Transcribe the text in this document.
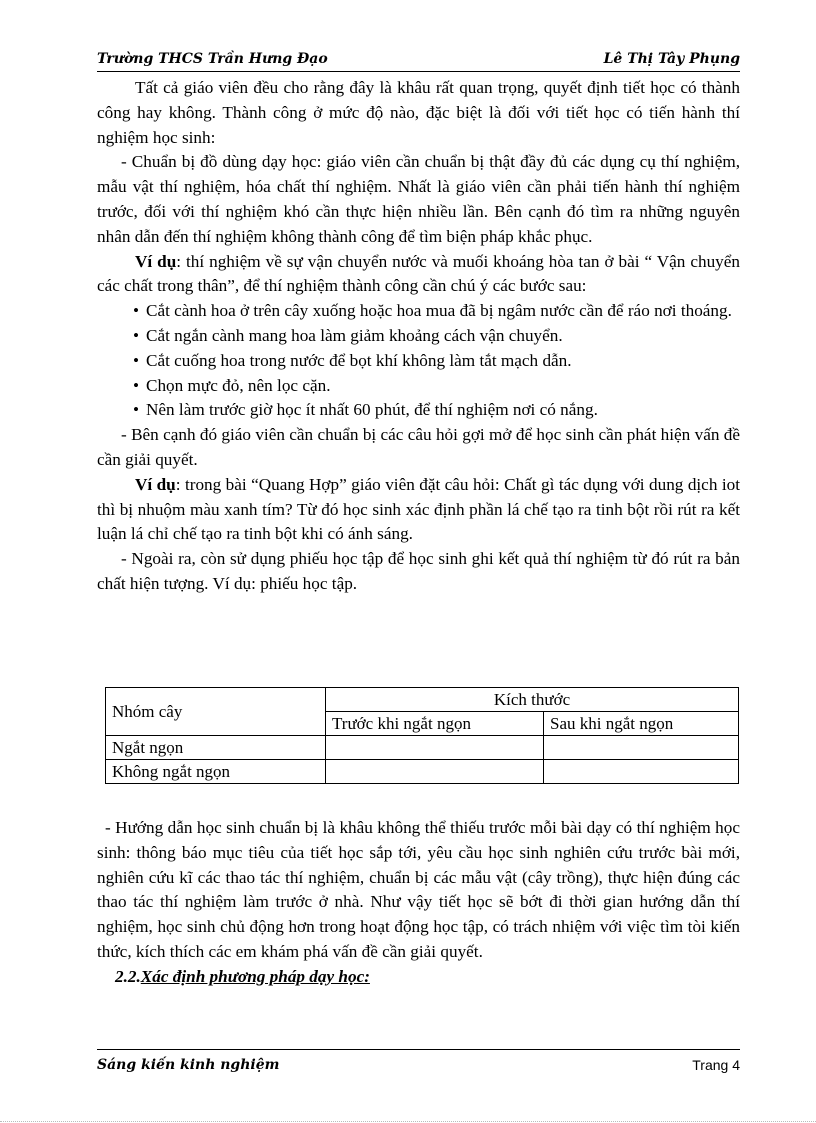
Trường THCS Trần Hưng Đạo	Lê Thị Tây Phụng

Tất cả giáo viên đều cho rằng đây là khâu rất quan trọng, quyết định tiết học có thành công hay không. Thành công ở mức độ nào, đặc biệt là đối với tiết học có tiến hành thí nghiệm học sinh:

- Chuẩn bị đồ dùng dạy học: giáo viên cần chuẩn bị thật đầy đủ các dụng cụ thí nghiệm, mẫu vật thí nghiệm, hóa chất thí nghiệm. Nhất là giáo viên cần phải tiến hành thí nghiệm trước, đối với thí nghiệm khó cần thực hiện nhiều lần. Bên cạnh đó tìm ra những nguyên nhân dẫn đến thí nghiệm không thành công để tìm biện pháp khắc phục.

Ví dụ: thí nghiệm về sự vận chuyển nước và muối khoáng hòa tan ở bài “ Vận chuyển các chất trong thân”, để thí nghiệm thành công cần chú ý các bước sau:

• Cắt cành hoa ở trên cây xuống hoặc hoa mua đã bị ngâm nước cần để ráo nơi thoáng.

• Cắt ngắn cành mang hoa làm giảm khoảng cách vận chuyển.

• Cắt cuống hoa trong nước để bọt khí không làm tắt mạch dẫn.

• Chọn mực đỏ, nên lọc cặn.

• Nên làm trước giờ học ít nhất 60 phút, để thí nghiệm nơi có nắng.

- Bên cạnh đó giáo viên cần chuẩn bị các câu hỏi gợi mở để học sinh cần phát hiện vấn đề cần giải quyết.

Ví dụ: trong bài “Quang Hợp” giáo viên đặt câu hỏi: Chất gì tác dụng với dung dịch iot thì bị nhuộm màu xanh tím? Từ đó học sinh xác định phần lá chế tạo ra tinh bột rồi rút ra kết luận lá chỉ chế tạo ra tinh bột khi có ánh sáng.

- Ngoài ra, còn sử dụng phiếu học tập để học sinh ghi kết quả thí nghiệm từ đó rút ra bản chất hiện tượng. Ví dụ: phiếu học tập.

Nhóm cây	Kích thước	
	Trước khi ngắt ngọn	Sau khi ngắt ngọn
Ngắt ngọn		
Không ngắt ngọn		

- Hướng dẫn học sinh chuẩn bị là khâu không thể thiếu trước mỗi bài dạy có thí nghiệm học sinh: thông báo mục tiêu của tiết học sắp tới, yêu cầu học sinh nghiên cứu trước bài mới, nghiên cứu kĩ các thao tác thí nghiệm, chuẩn bị các mẫu vật (cây trồng), thực hiện đúng các thao tác thí nghiệm làm trước ở nhà. Như vậy tiết học sẽ bớt đi thời gian hướng dẫn thí nghiệm, học sinh chủ động hơn trong hoạt động học tập, có trách nhiệm với việc tìm tòi kiến thức, kích thích các em khám phá vấn đề cần giải quyết.

2.2.Xác định phương pháp dạy học:

Sáng kiến kinh nghiệm	Trang 4
